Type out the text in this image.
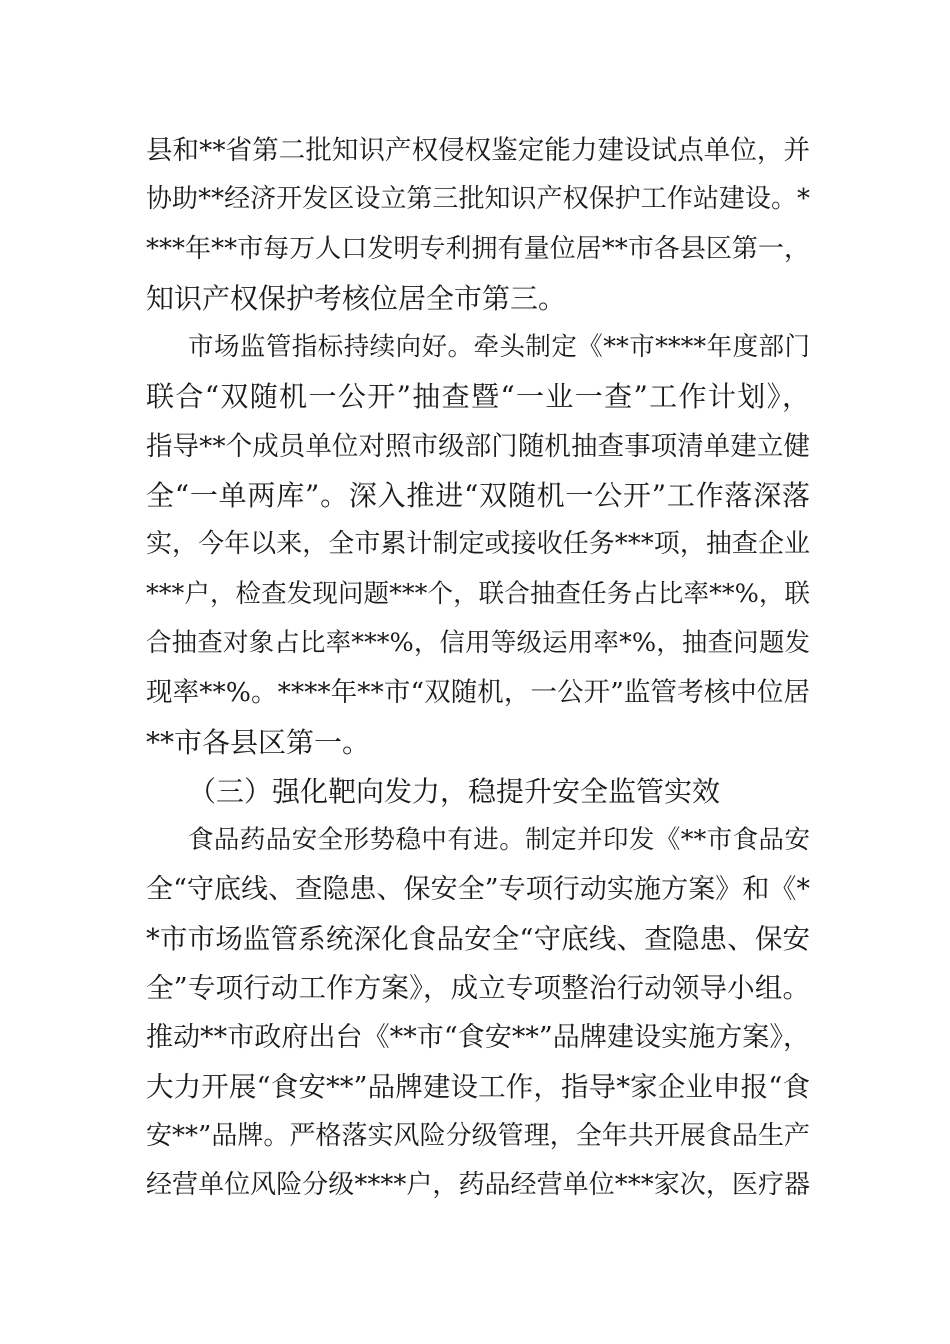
县和**省第二批知识产权侵权鉴定能力建设试点单位，并
协助**经济开发区设立第三批知识产权保护工作站建设。*
***年**市每万人口发明专利拥有量位居**市各县区第一，
知识产权保护考核位居全市第三。
市场监管指标持续向好。牵头制定《**市****年度部门
联合“双随机一公开”抽查暨“一业一查”工作计划》，
指导**个成员单位对照市级部门随机抽查事项清单建立健
全“一单两库”。深入推进“双随机一公开”工作落深落
实，今年以来，全市累计制定或接收任务***项，抽查企业
***户，检查发现问题***个，联合抽查任务占比率**%，联
合抽查对象占比率***%，信用等级运用率*%，抽查问题发
现率**%。****年**市“双随机，一公开”监管考核中位居
**市各县区第一。
（三）强化靶向发力，稳提升安全监管实效
食品药品安全形势稳中有进。制定并印发《**市食品安
全“守底线、查隐患、保安全”专项行动实施方案》和《*
*市市场监管系统深化食品安全“守底线、查隐患、保安
全”专项行动工作方案》，成立专项整治行动领导小组。
推动**市政府出台《**市“食安**”品牌建设实施方案》，
大力开展“食安**”品牌建设工作，指导*家企业申报“食
安**”品牌。严格落实风险分级管理，全年共开展食品生产
经营单位风险分级****户，药品经营单位***家次，医疗器
